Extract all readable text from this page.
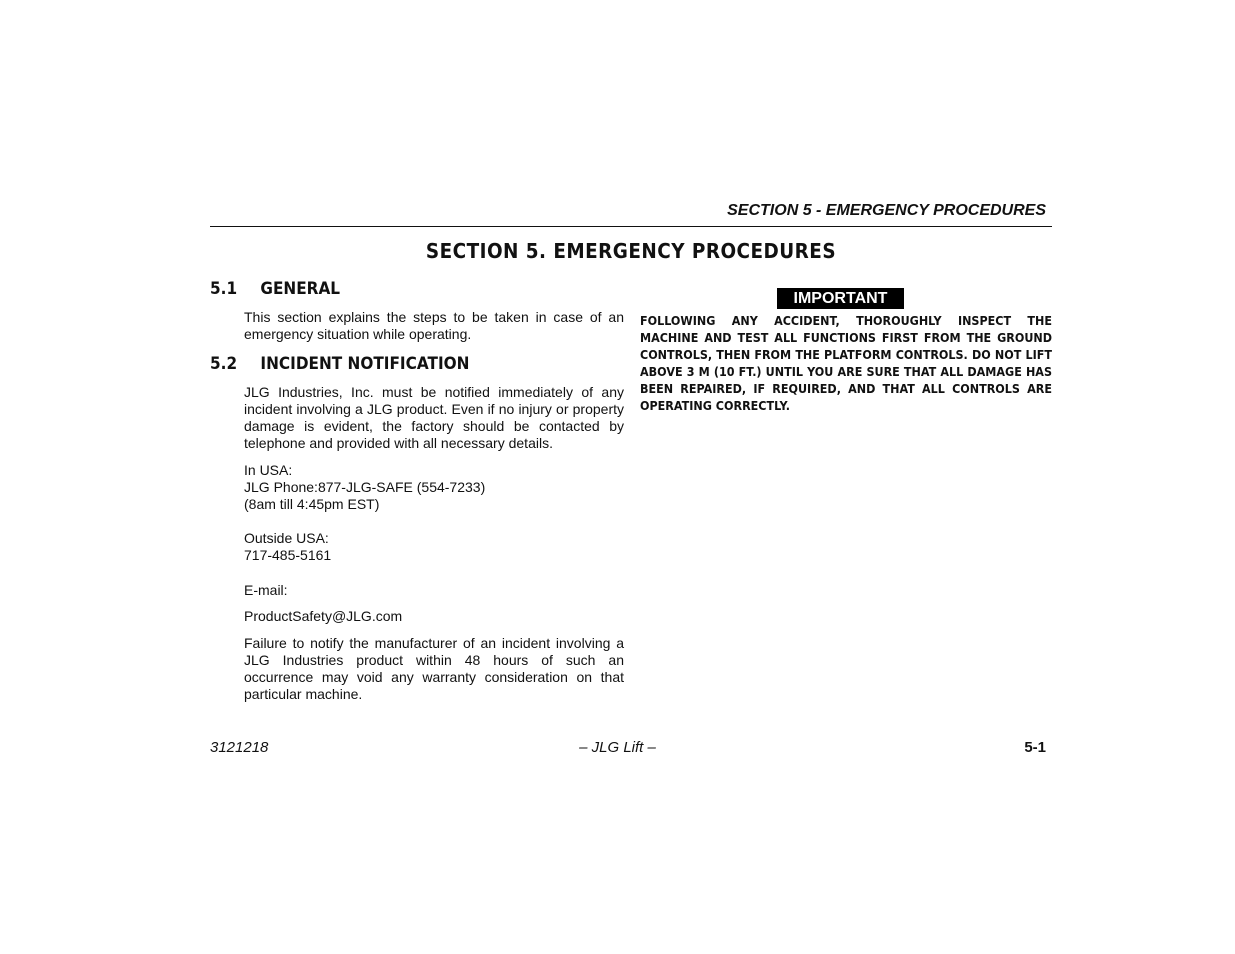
SECTION 5 - EMERGENCY PROCEDURES
SECTION 5. EMERGENCY PROCEDURES
5.1 GENERAL
This section explains the steps to be taken in case of an emergency situation while operating.
5.2 INCIDENT NOTIFICATION
JLG Industries, Inc. must be notified immediately of any incident involving a JLG product. Even if no injury or property damage is evident, the factory should be contacted by telephone and provided with all necessary details.
In USA:
JLG Phone:877-JLG-SAFE (554-7233)
(8am till 4:45pm EST)
Outside USA:
717-485-5161
E-mail:
ProductSafety@JLG.com
Failure to notify the manufacturer of an incident involving a JLG Industries product within 48 hours of such an occurrence may void any warranty consideration on that particular machine.
IMPORTANT
FOLLOWING ANY ACCIDENT, THOROUGHLY INSPECT THE MACHINE AND TEST ALL FUNCTIONS FIRST FROM THE GROUND CONTROLS, THEN FROM THE PLATFORM CONTROLS. DO NOT LIFT ABOVE 3 M (10 FT.) UNTIL YOU ARE SURE THAT ALL DAMAGE HAS BEEN REPAIRED, IF REQUIRED, AND THAT ALL CONTROLS ARE OPERATING CORRECTLY.
3121218	– JLG Lift –	5-1
